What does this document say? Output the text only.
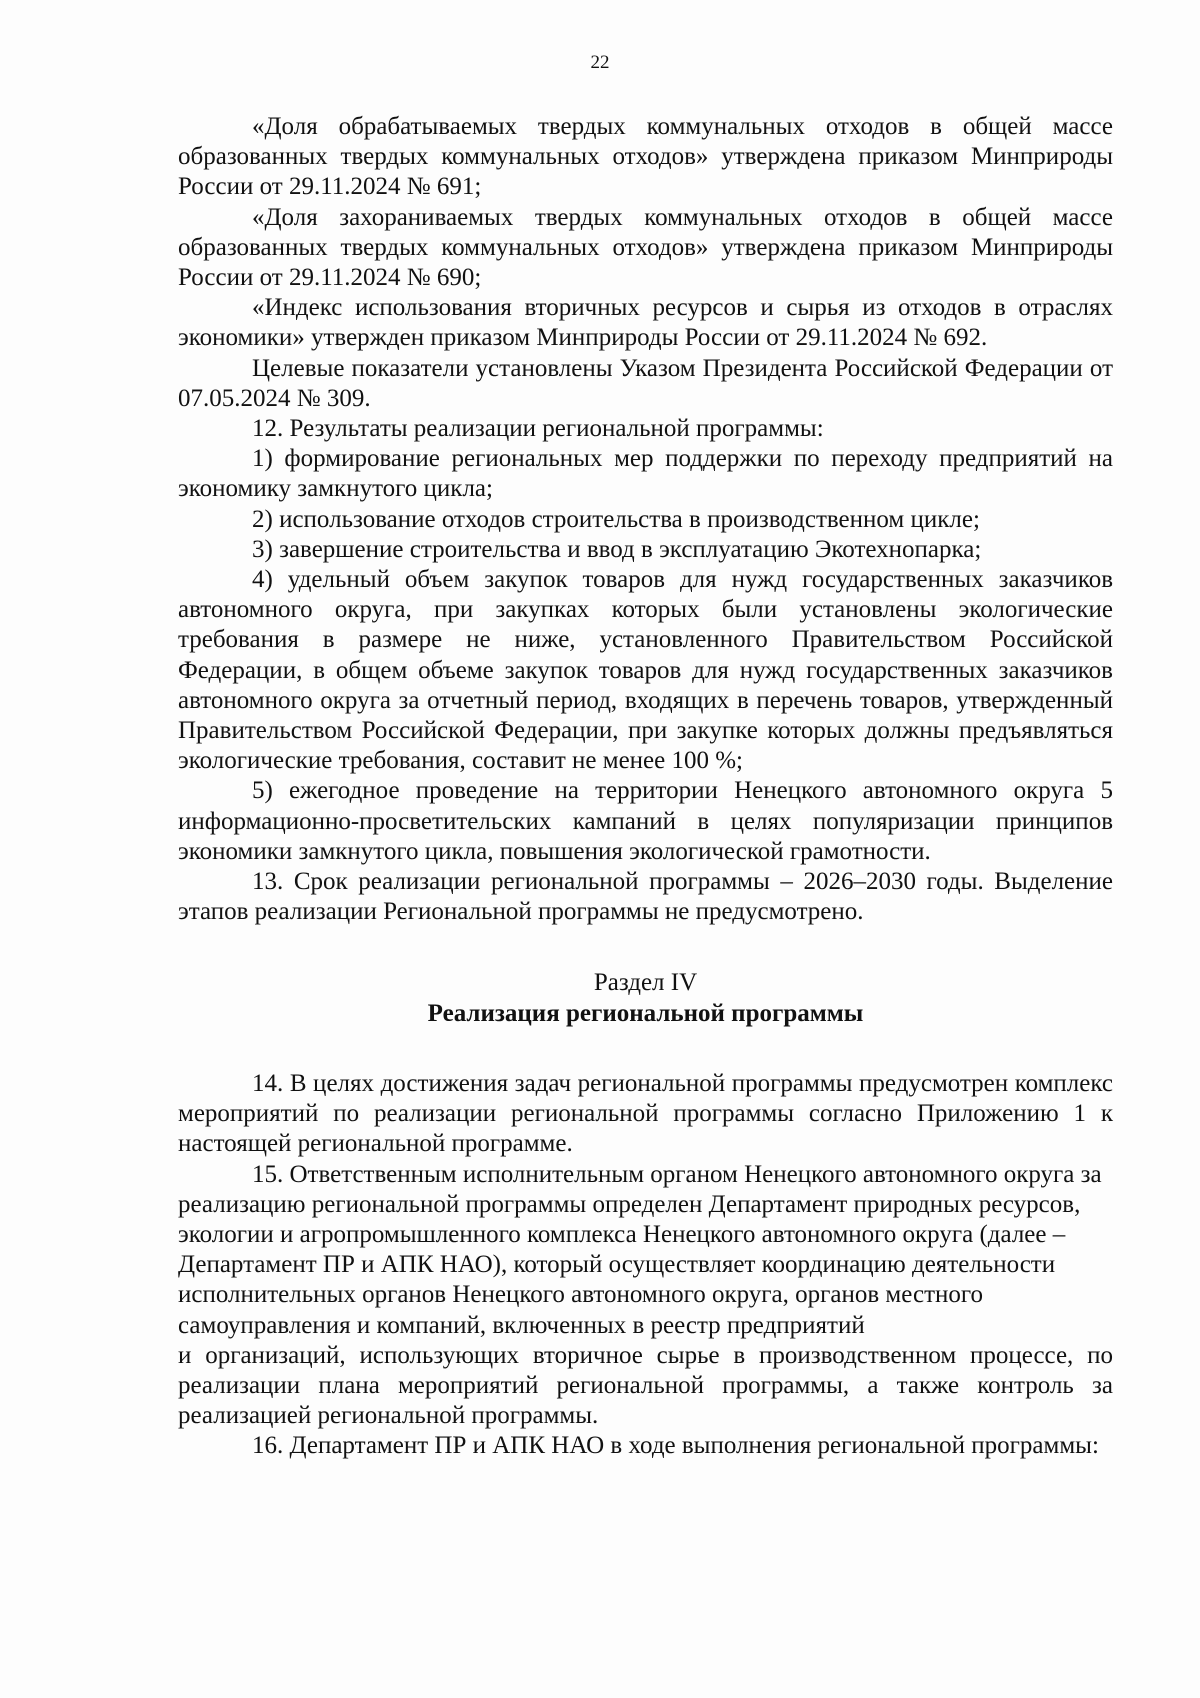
22

«Доля обрабатываемых твердых коммунальных отходов в общей массе образованных твердых коммунальных отходов» утверждена приказом Минприроды России от 29.11.2024 № 691;

«Доля захораниваемых твердых коммунальных отходов в общей массе образованных твердых коммунальных отходов» утверждена приказом Минприроды России от 29.11.2024 № 690;

«Индекс использования вторичных ресурсов и сырья из отходов в отраслях экономики» утвержден приказом Минприроды России от 29.11.2024 № 692.

Целевые показатели установлены Указом Президента Российской Федерации от 07.05.2024 № 309.

12. Результаты реализации региональной программы:

1) формирование региональных мер поддержки по переходу предприятий на экономику замкнутого цикла;

2) использование отходов строительства в производственном цикле;

3) завершение строительства и ввод в эксплуатацию Экотехнопарка;

4) удельный объем закупок товаров для нужд государственных заказчиков автономного округа, при закупках которых были установлены экологические требования в размере не ниже, установленного Правительством Российской Федерации, в общем объеме закупок товаров для нужд государственных заказчиков автономного округа за отчетный период, входящих в перечень товаров, утвержденный Правительством Российской Федерации, при закупке которых должны предъявляться экологические требования, составит не менее 100 %;

5) ежегодное проведение на территории Ненецкого автономного округа 5 информационно-просветительских кампаний в целях популяризации принципов экономики замкнутого цикла, повышения экологической грамотности.

13. Срок реализации региональной программы – 2026–2030 годы. Выделение этапов реализации Региональной программы не предусмотрено.

Раздел IV

Реализация региональной программы

14. В целях достижения задач региональной программы предусмотрен комплекс мероприятий по реализации региональной программы согласно Приложению 1 к настоящей региональной программе.

15. Ответственным исполнительным органом Ненецкого автономного округа за реализацию региональной программы определен Департамент природных ресурсов, экологии и агропромышленного комплекса Ненецкого автономного округа (далее – Департамент ПР и АПК НАО), который осуществляет координацию деятельности исполнительных органов Ненецкого автономного округа, органов местного самоуправления и компаний, включенных в реестр предприятий

и организаций, использующих вторичное сырье в производственном процессе, по реализации плана мероприятий региональной программы, а также контроль за реализацией региональной программы.

16. Департамент ПР и АПК НАО в ходе выполнения региональной программы:
